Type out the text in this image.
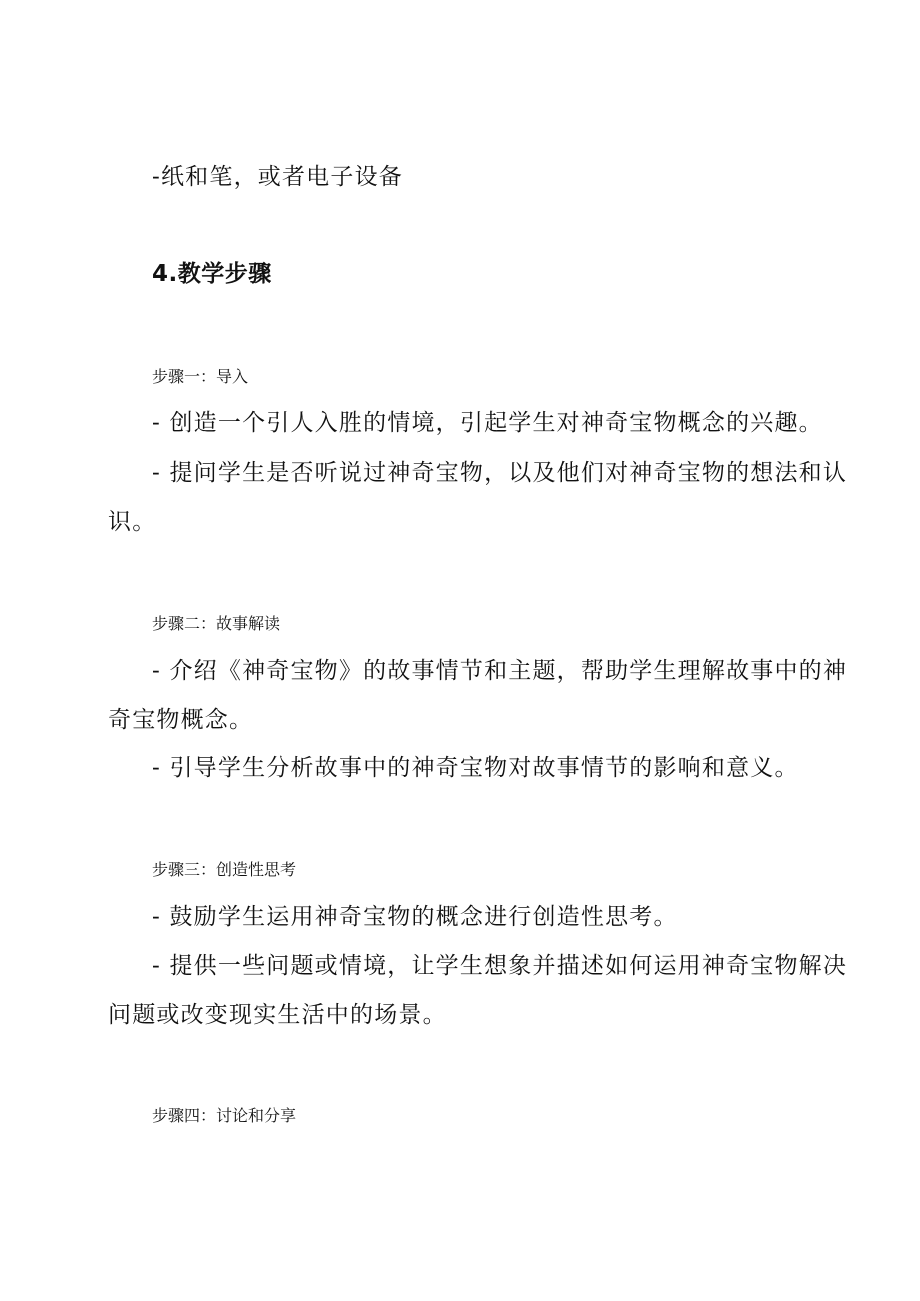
-纸和笔，或者电子设备
4.教学步骤
步骤一：导入
- 创造一个引人入胜的情境，引起学生对神奇宝物概念的兴趣。
- 提问学生是否听说过神奇宝物，以及他们对神奇宝物的想法和认
识。
步骤二：故事解读
- 介绍《神奇宝物》的故事情节和主题，帮助学生理解故事中的神
奇宝物概念。
- 引导学生分析故事中的神奇宝物对故事情节的影响和意义。
步骤三：创造性思考
- 鼓励学生运用神奇宝物的概念进行创造性思考。
- 提供一些问题或情境，让学生想象并描述如何运用神奇宝物解决
问题或改变现实生活中的场景。
步骤四：讨论和分享
